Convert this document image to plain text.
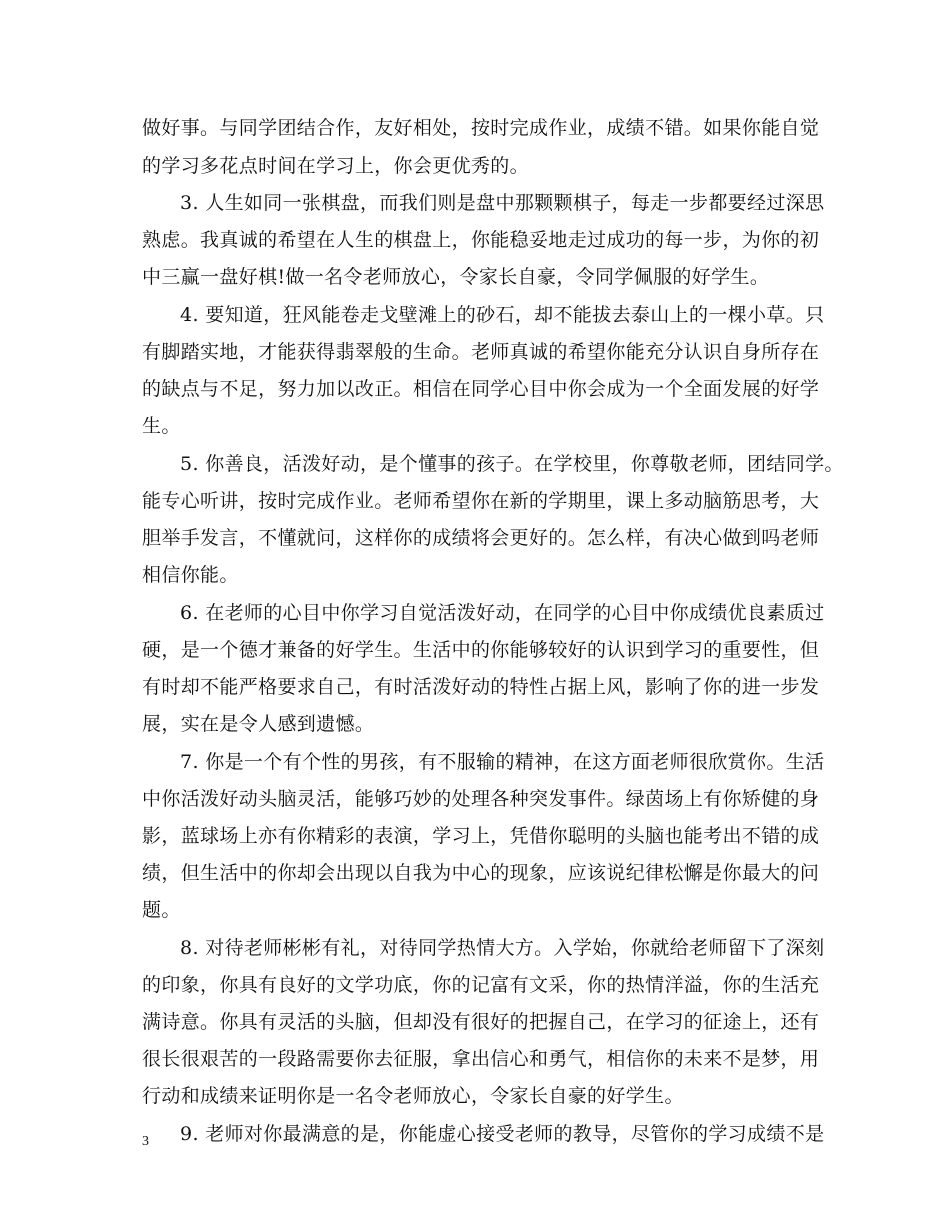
做好事。与同学团结合作，友好相处，按时完成作业，成绩不错。如果你能自觉
的学习多花点时间在学习上，你会更优秀的。
3. 人生如同一张棋盘，而我们则是盘中那颗颗棋子，每走一步都要经过深思
熟虑。我真诚的希望在人生的棋盘上，你能稳妥地走过成功的每一步，为你的初
中三赢一盘好棋!做一名令老师放心，令家长自豪，令同学佩服的好学生。
4. 要知道，狂风能卷走戈壁滩上的砂石，却不能拔去泰山上的一棵小草。只
有脚踏实地，才能获得翡翠般的生命。老师真诚的希望你能充分认识自身所存在
的缺点与不足，努力加以改正。相信在同学心目中你会成为一个全面发展的好学
生。
5. 你善良，活泼好动，是个懂事的孩子。在学校里，你尊敬老师，团结同学。
能专心听讲，按时完成作业。老师希望你在新的学期里，课上多动脑筋思考，大
胆举手发言，不懂就问，这样你的成绩将会更好的。怎么样，有决心做到吗老师
相信你能。
6. 在老师的心目中你学习自觉活泼好动，在同学的心目中你成绩优良素质过
硬，是一个德才兼备的好学生。生活中的你能够较好的认识到学习的重要性，但
有时却不能严格要求自己，有时活泼好动的特性占据上风，影响了你的进一步发
展，实在是令人感到遗憾。
7. 你是一个有个性的男孩，有不服输的精神，在这方面老师很欣赏你。生活
中你活泼好动头脑灵活，能够巧妙的处理各种突发事件。绿茵场上有你矫健的身
影，蓝球场上亦有你精彩的表演，学习上，凭借你聪明的头脑也能考出不错的成
绩，但生活中的你却会出现以自我为中心的现象，应该说纪律松懈是你最大的问
题。
8. 对待老师彬彬有礼，对待同学热情大方。入学始，你就给老师留下了深刻
的印象，你具有良好的文学功底，你的记富有文采，你的热情洋溢，你的生活充
满诗意。你具有灵活的头脑，但却没有很好的把握自己，在学习的征途上，还有
很长很艰苦的一段路需要你去征服，拿出信心和勇气，相信你的未来不是梦，用
行动和成绩来证明你是一名令老师放心，令家长自豪的好学生。
9. 老师对你最满意的是，你能虚心接受老师的教导，尽管你的学习成绩不是
3
